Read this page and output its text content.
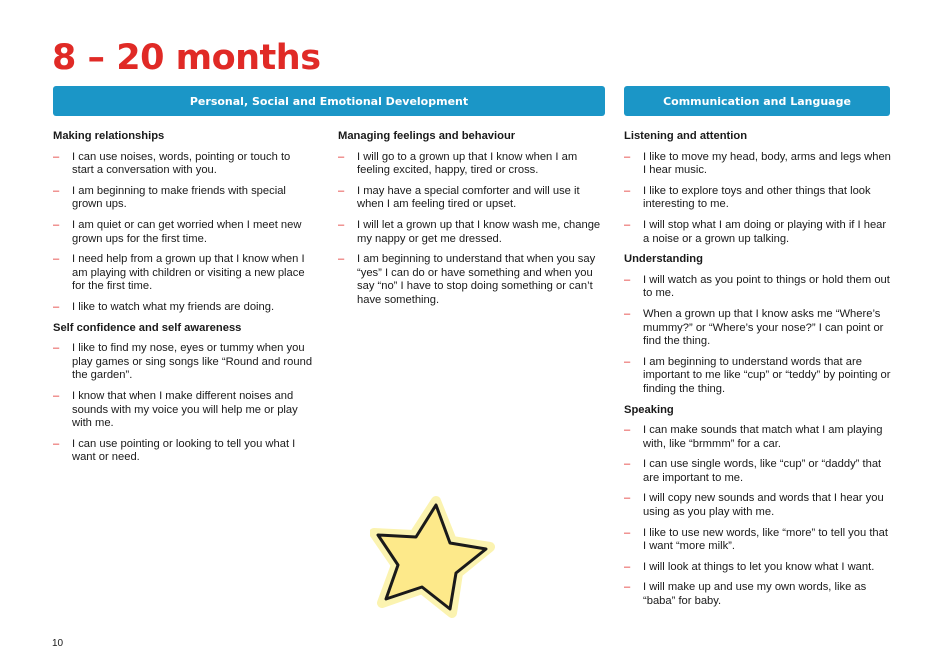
8 – 20 months
Personal, Social and Emotional Development	Communication and Language
Making relationships
– I can use noises, words, pointing or touch to start a conversation with you.
– I am beginning to make friends with special grown ups.
– I am quiet or can get worried when I meet new grown ups for the first time.
– I need help from a grown up that I know when I am playing with children or visiting a new place for the first time.
– I like to watch what my friends are doing.
Self confidence and self awareness
– I like to find my nose, eyes or tummy when you play games or sing songs like “Round and round the garden”.
– I know that when I make different noises and sounds with my voice you will help me or play with me.
– I can use pointing or looking to tell you what I want or need.
Managing feelings and behaviour
– I will go to a grown up that I know when I am feeling excited, happy, tired or cross.
– I may have a special comforter and will use it when I am feeling tired or upset.
– I will let a grown up that I know wash me, change my nappy or get me dressed.
– I am beginning to understand that when you say “yes” I can do or have something and when you say “no” I have to stop doing something or can’t have something.
Listening and attention
– I like to move my head, body, arms and legs when I hear music.
– I like to explore toys and other things that look interesting to me.
– I will stop what I am doing or playing with if I hear a noise or a grown up talking.
Understanding
– I will watch as you point to things or hold them out to me.
– When a grown up that I know asks me “Where’s mummy?” or “Where’s your nose?” I can point or find the thing.
– I am beginning to understand words that are important to me like “cup” or “teddy” by pointing or finding the thing.
Speaking
– I can make sounds that match what I am playing with, like “brmmm” for a car.
– I can use single words, like “cup” or “daddy” that are important to me.
– I will copy new sounds and words that I hear you using as you play with me.
– I like to use new words, like “more” to tell you that I want “more milk”.
– I will look at things to let you know what I want.
– I will make up and use my own words, like as “baba” for baby.
10
